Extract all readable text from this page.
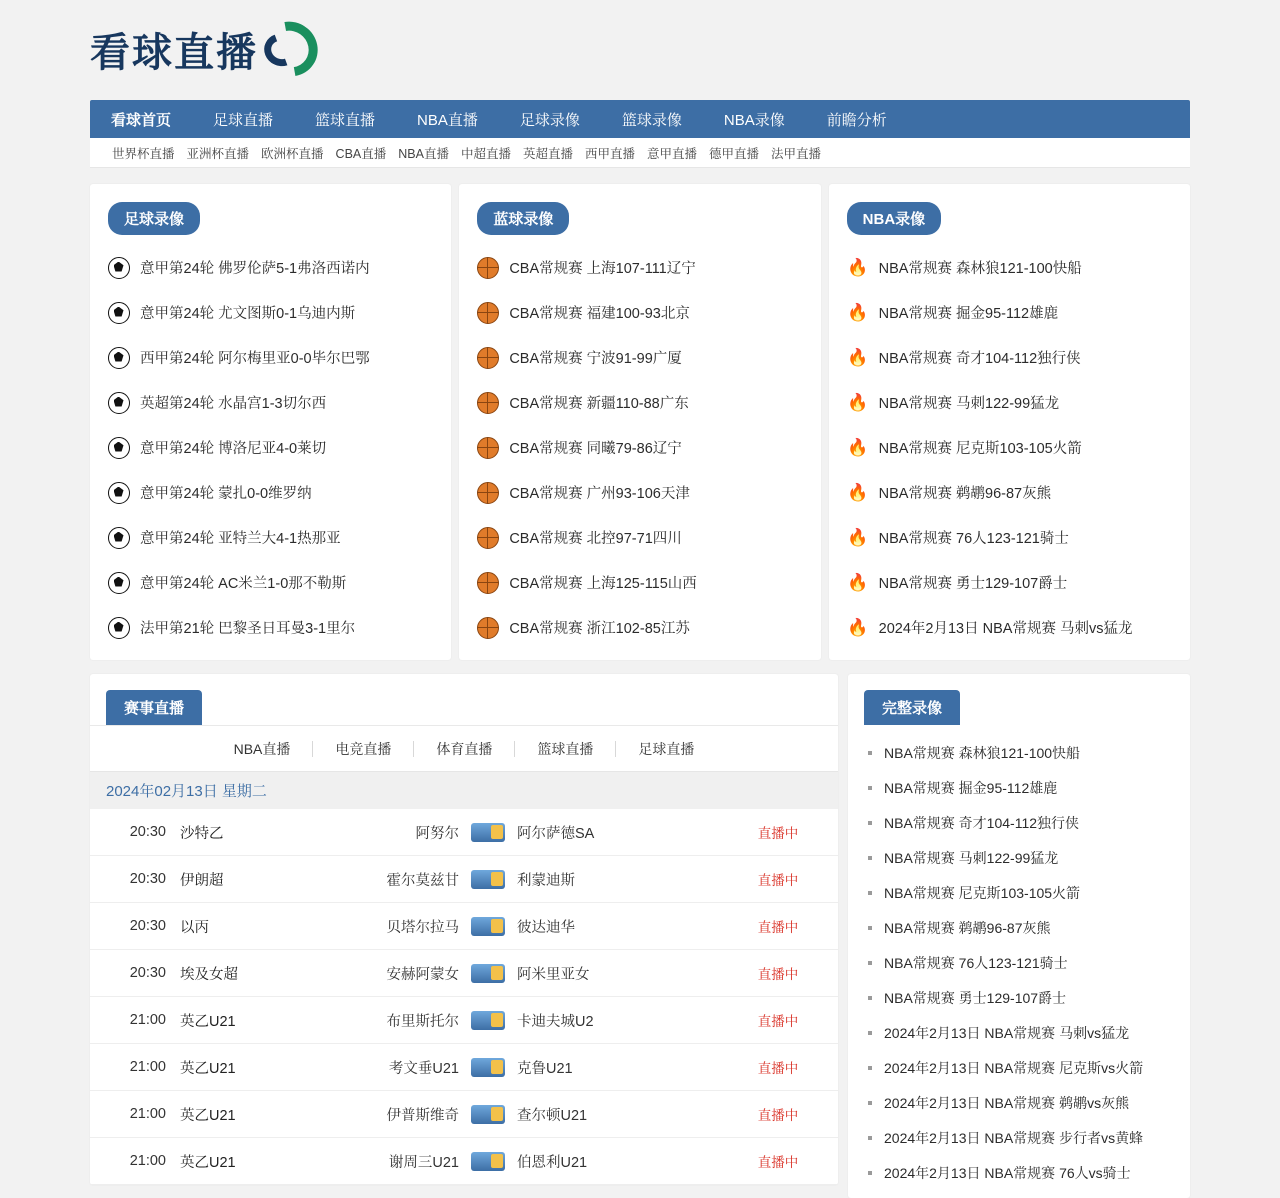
看球直播
看球首页	足球直播	篮球直播	NBA直播	足球录像	篮球录像	NBA录像	前瞻分析
世界杯直播 亚洲杯直播 欧洲杯直播 CBA直播 NBA直播 中超直播 英超直播 西甲直播 意甲直播 德甲直播 法甲直播
足球录像
意甲第24轮 佛罗伦萨5-1弗洛西诺内
意甲第24轮 尤文图斯0-1乌迪内斯
西甲第24轮 阿尔梅里亚0-0毕尔巴鄂
英超第24轮 水晶宫1-3切尔西
意甲第24轮 博洛尼亚4-0莱切
意甲第24轮 蒙扎0-0维罗纳
意甲第24轮 亚特兰大4-1热那亚
意甲第24轮 AC米兰1-0那不勒斯
法甲第21轮 巴黎圣日耳曼3-1里尔
蓝球录像
CBA常规赛 上海107-111辽宁
CBA常规赛 福建100-93北京
CBA常规赛 宁波91-99广厦
CBA常规赛 新疆110-88广东
CBA常规赛 同曦79-86辽宁
CBA常规赛 广州93-106天津
CBA常规赛 北控97-71四川
CBA常规赛 上海125-115山西
CBA常规赛 浙江102-85江苏
NBA录像
🔥 NBA常规赛 森林狼121-100快船
🔥 NBA常规赛 掘金95-112雄鹿
🔥 NBA常规赛 奇才104-112独行侠
🔥 NBA常规赛 马刺122-99猛龙
🔥 NBA常规赛 尼克斯103-105火箭
🔥 NBA常规赛 鹈鹕96-87灰熊
🔥 NBA常规赛 76人123-121骑士
🔥 NBA常规赛 勇士129-107爵士
🔥 2024年2月13日 NBA常规赛 马刺vs猛龙
赛事直播
NBA直播	电竞直播	体育直播	篮球直播	足球直播
2024年02月13日 星期二
20:30 沙特乙	阿努尔	阿尔萨德SA	直播中
20:30 伊朗超	霍尔莫兹甘	利蒙迪斯	直播中
20:30 以丙	贝塔尔拉马	彼达迪华	直播中
20:30 埃及女超	安赫阿蒙女	阿米里亚女	直播中
21:00 英乙U21	布里斯托尔	卡迪夫城U2	直播中
21:00 英乙U21	考文垂U21	克鲁U21	直播中
21:00 英乙U21	伊普斯维奇	查尔顿U21	直播中
21:00 英乙U21	谢周三U21	伯恩利U21	直播中
完整录像
NBA常规赛 森林狼121-100快船
NBA常规赛 掘金95-112雄鹿
NBA常规赛 奇才104-112独行侠
NBA常规赛 马刺122-99猛龙
NBA常规赛 尼克斯103-105火箭
NBA常规赛 鹈鹕96-87灰熊
NBA常规赛 76人123-121骑士
NBA常规赛 勇士129-107爵士
2024年2月13日 NBA常规赛 马刺vs猛龙
2024年2月13日 NBA常规赛 尼克斯vs火箭
2024年2月13日 NBA常规赛 鹈鹕vs灰熊
2024年2月13日 NBA常规赛 步行者vs黄蜂
2024年2月13日 NBA常规赛 76人vs骑士
